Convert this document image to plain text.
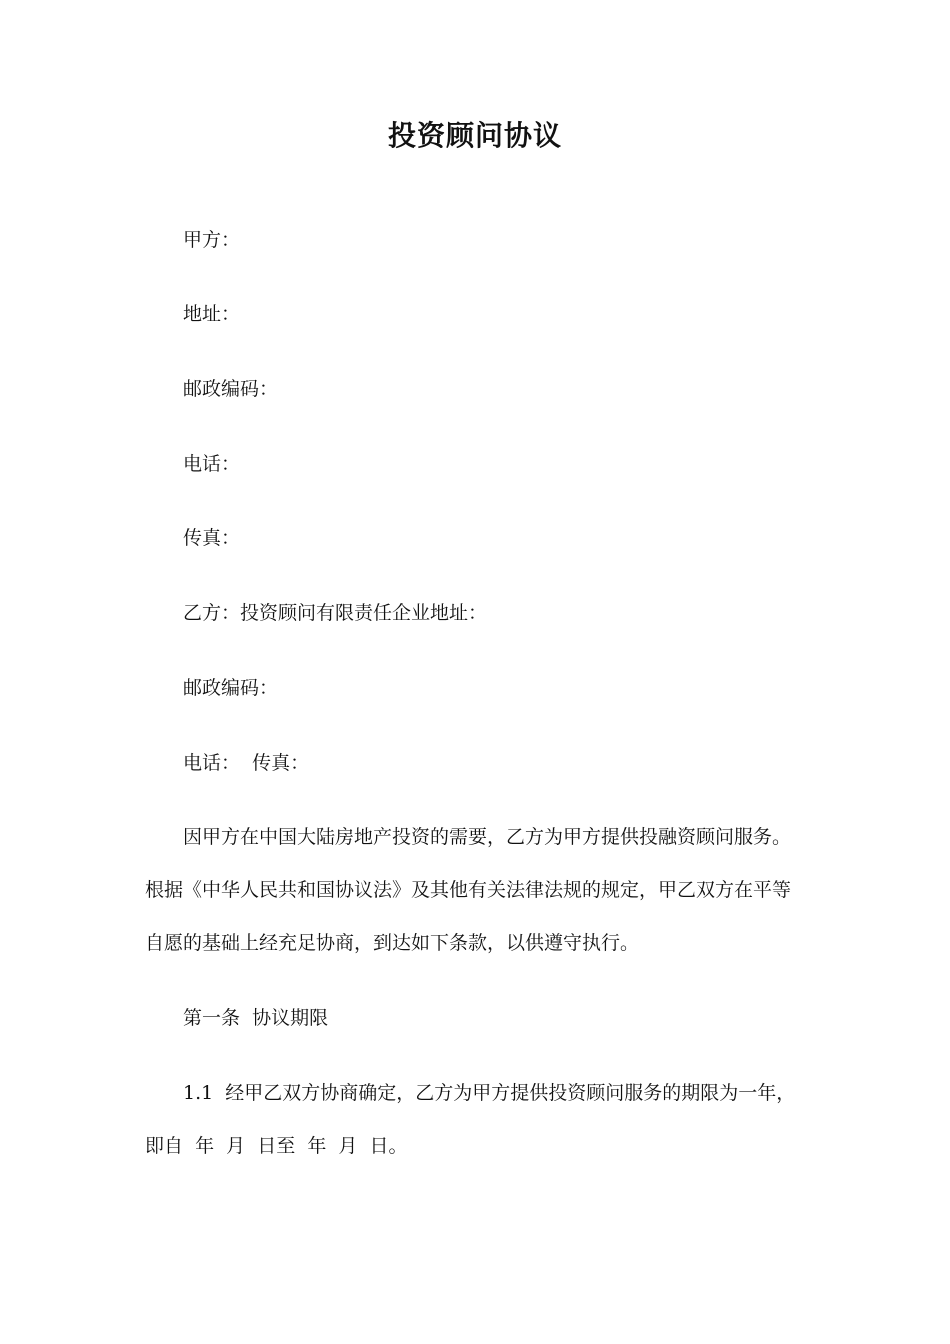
投资顾问协议
甲方：
地址：
邮政编码：
电话：
传真：
乙方：投资顾问有限责任企业地址：
邮政编码：
电话：  传真：
因甲方在中国大陆房地产投资的需要，乙方为甲方提供投融资顾问服务。
根据《中华人民共和国协议法》及其他有关法律法规的规定，甲乙双方在平等
自愿的基础上经充足协商，到达如下条款，以供遵守执行。
第一条  协议期限
1.1  经甲乙双方协商确定，乙方为甲方提供投资顾问服务的期限为一年，
即自  年  月  日至  年  月  日。
